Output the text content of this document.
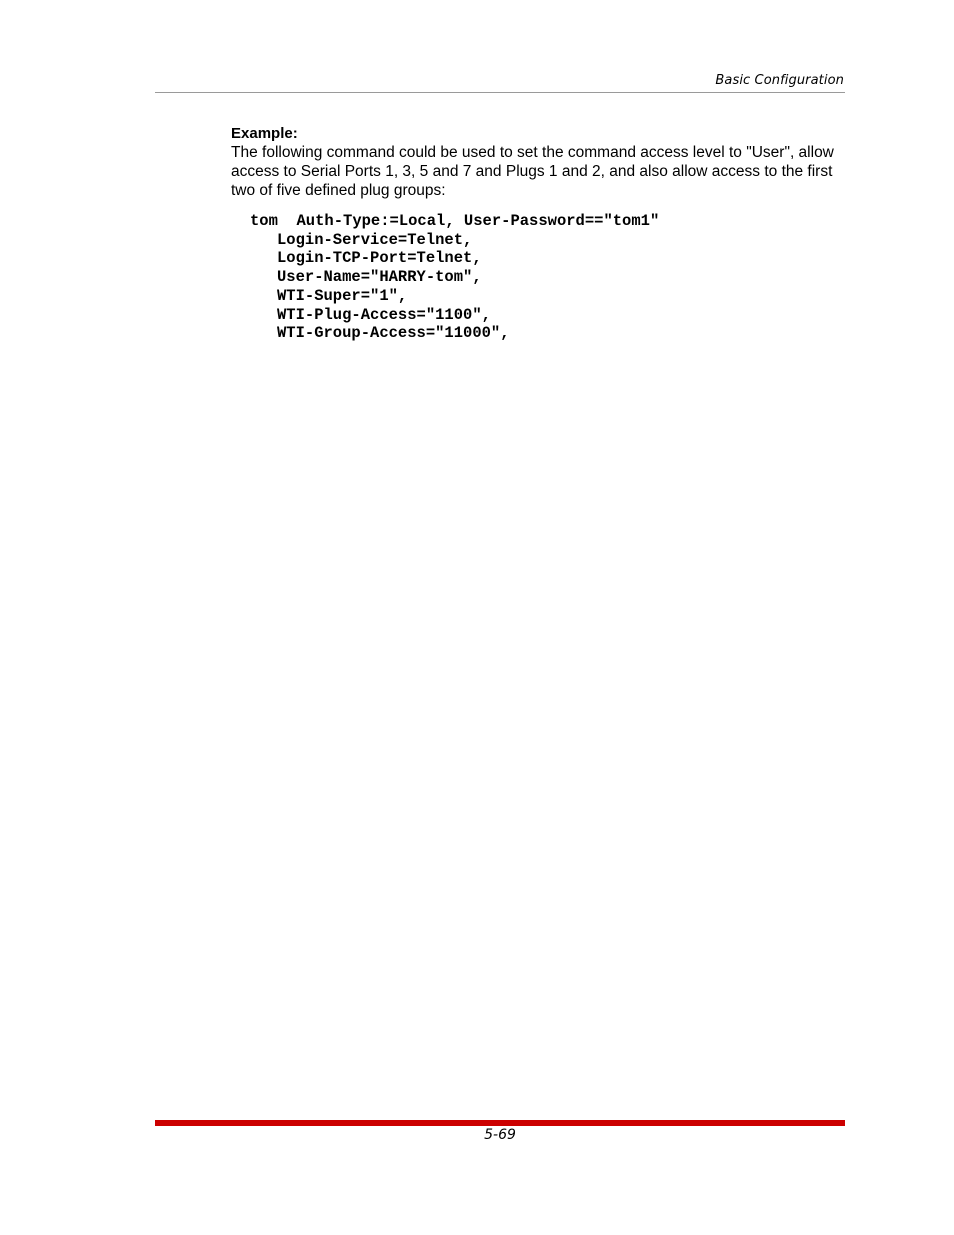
Basic Configuration
Example:

The following command could be used to set the command access level to "User", allow access to Serial Ports 1, 3, 5 and 7 and Plugs 1 and 2, and also allow access to the first two of five defined plug groups:

tom  Auth-Type:=Local, User-Password=="tom1"
Login-Service=Telnet,
Login-TCP-Port=Telnet,
User-Name="HARRY-tom",
WTI-Super="1",
WTI-Plug-Access="1100",
WTI-Group-Access="11000",
5-69
